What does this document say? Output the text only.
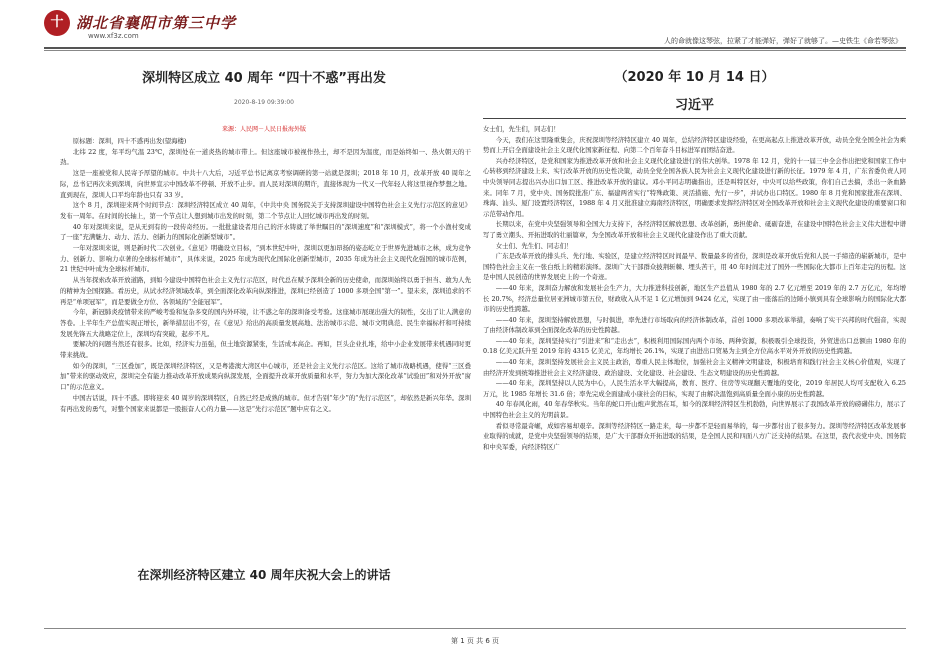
十 湖北省襄阳市第三中学
www.xf3z.com
人的命就像这琴弦，拉紧了才能弹好，弹好了就够了。—史铁生《命若琴弦》
深圳特区成立 40 周年 “四十不惑”再出发
2020-8-19 09:39:00
来源：人民网－人民日报海外版

原标题：深圳，四十不惑再出发(望海楼)

北纬 22 度，年平均气温 23℃，深圳处在一道炎热的城市带上。但这座城市被视作热土，却不是因为温度，而是始终如一、热火朝天的干劲。

这是一座被党和人民寄予厚望的城市。中共十八大后，习近平总书记离京考察调研的第一站就是深圳；2018 年 10 月，改革开放 40 周年之际，总书记再次来到深圳，向世界宣示中国改革不停顿、开放不止步。而人民对深圳的期许，直接体现为一代又一代年轻人将这里视作梦想之地。直到现在，深圳人口平均年龄也只有 33 岁。

这个 8 月，深圳迎来两个时间节点：深圳经济特区成立 40 周年，《中共中央 国务院关于支持深圳建设中国特色社会主义先行示范区的意见》发布一周年。在时间的长轴上，第一个节点让人想到城市出发的时刻，第二个节点让人回忆城市再出发的时刻。

40 年对深圳来说，是从无到有的一段传奇经历。一批批建设者用自己的汗水铸就了举世瞩目的“深圳速度”和“深圳模式”，将一个小渔村变成了一座“充满魅力、动力、活力、创新力的国际化创新型城市”。

一年对深圳来说，则是新时代二次创业。《意见》明确设立目标，“到本世纪中叶，深圳以更加昂扬的姿态屹立于世界先进城市之林，成为竞争力、创新力、影响力卓著的全球标杆城市”，具体来说，2025 年成为现代化国际化创新型城市，2035 年成为社会主义现代化强国的城市范例，21 世纪中叶成为全球标杆城市。

从当年探索改革开放道路，到如今建设中国特色社会主义先行示范区，时代总在赋予深圳全新的历史使命，而深圳始终以勇于担当、敢为人先的精神为全国探路。看历史，从试水经济领域改革，到全面深化改革向纵深推进，深圳已经创造了 1000 多项全国“第一”。望未来，深圳追求的不再是“单项冠军”，而是要做全方位、各领域的“全能冠军”。

今年，新冠肺炎疫情带来的严峻考验和复杂多变的国内外环境，让不惑之年的深圳备受考验。这座城市展现出强大的韧性，交出了让人满意的答卷。上半年生产总值实现正增长，新举措层出不穷，在《意见》给出的高质量发展高地、法治城市示范、城市文明典范、民生幸福标杆和可持续发展先锋五大战略定位上，深圳均有突破，起步不凡。

要解决的问题当然还有很多。比如，经济实力虽强，但土地资源紧张，生活成本高企。再如，巨头企业扎堆，给中小企业发展带来机遇同时更带来挑战。

如今的深圳，“三区叠加”，既是深圳经济特区，又是粤港澳大湾区中心城市，还是社会主义先行示范区。这给了城市战略机遇，使得“三区叠加”带来的驱动效应，深圳完全有能力推动改革开放成果向纵深发展，全面提升改革开放质量和水平，努力为加大深化改革“试验田”和对外开放“窗口”的示范意义。

中国古话说，四十不惑。即将迎来 40 周岁的深圳特区，自然已经是成熟的城市。但才告别“年少”的“先行示范区”，却依然是新兴年华。深圳有再出发的勇气，对整个国家来说都是一股振奋人心的力量——这是“先行示范区”题中应有之义。

在深圳经济特区建立 40 周年庆祝大会上的讲话
（2020 年 10 月 14 日）
习近平

女士们，先生们，同志们！

今天，我们在这里隆重集会，庆祝深圳等经济特区建立 40 周年，总结经济特区建设经验，在更高起点上推进改革开放，动员全党全国全社会为乘势而上开启全面建设社会主义现代化国家新征程、向第二个百年奋斗目标进军而团结奋进。

兴办经济特区，是党和国家为推进改革开放和社会主义现代化建设进行的伟大创举。1978 年 12 月，党的十一届三中全会作出把党和国家工作中心转移到经济建设上来、实行改革开放的历史性决策，动员全党全国各族人民为社会主义现代化建设进行新的长征。1979 年 4 月，广东省委负责人同中央领导同志提出兴办出口加工区、推进改革开放的建议。邓小平同志明确指出，还是叫特区好，中央可以给些政策，你们自己去搞，杀出一条血路来。同年 7 月，党中央、国务院批准广东、福建两省实行“特殊政策、灵活措施、先行一步”，并试办出口特区。1980 年 8 月党和国家批准在深圳、珠海、汕头、厦门设置经济特区，1988 年 4 月又批准建立海南经济特区，明确要求发挥经济特区对全国改革开放和社会主义现代化建设的重要窗口和示范带动作用。

长期以来，在党中央坚强领导和全国大力支持下，各经济特区解放思想、改革创新，勇担使命、砥砺奋进，在建设中国特色社会主义伟大进程中谱写了勇立潮头、开拓进取的壮丽篇章，为全国改革开放和社会主义现代化建设作出了重大贡献。

女士们、先生们、同志们！

广东是改革开放的排头兵、先行地、实验区，是建立经济特区时间最早、数量最多的省份，深圳是改革开放后党和人民一手缔造的崭新城市，是中国特色社会主义在一张白纸上的精彩演绎。深圳广大干部群众披荆斩棘、埋头苦干，用 40 年时间走过了国外一些国际化大都市上百年走完的历程。这是中国人民创造的世界发展史上的一个奇迹。

——40 年来，深圳奋力解放和发展社会生产力，大力推进科技创新，地区生产总值从 1980 年的 2.7 亿元增至 2019 年的 2.7 万亿元，年均增长 20.7%，经济总量位居亚洲城市第五位，财政收入从不足 1 亿元增加到 9424 亿元，实现了由一座落后的边陲小镇到具有全球影响力的国际化大都市的历史性跨越。

——40 年来，深圳坚持解放思想，与时俱进，率先进行市场取向的经济体制改革，首创 1000 多项改革举措，奏响了实干兴邦的时代强音，实现了由经济体制改革到全面深化改革的历史性跨越。

——40 年来，深圳坚持实行“引进来”和“走出去”，积极利用国际国内两个市场、两种资源，积极吸引全球投资，外贸进出口总额由 1980 年的 0.18 亿美元跃升至 2019 年的 4315 亿美元，年均增长 26.1%，实现了由进出口贸易为主到全方位高水平对外开放的历史性跨越。

——40 年来，深圳坚持发展社会主义民主政治，尊重人民主体地位，加强社会主义精神文明建设，积极培育和践行社会主义核心价值观，实现了由经济开发到统筹推进社会主义经济建设、政治建设、文化建设、社会建设、生态文明建设的历史性跨越。

——40 年来，深圳坚持以人民为中心，人民生活水平大幅提高，教育、医疗、住房等实现翻天覆地的变化，2019 年居民人均可支配收入 6.25 万元，比 1985 年增长 31.6 倍；率先完成全面建成小康社会的目标，实现了由解决温饱到高质量全面小康的历史性跨越。

40 年春风化雨，40 年春华秋实。当年的蛇口开山炮声犹然在耳，如今的深圳经济特区生机勃勃，向世界展示了我国改革开放的磅礴伟力，展示了中国特色社会主义的光明前景。

看似寻常最奇崛，成如容易却艰辛。深圳等经济特区一路走来，每一步都不是轻而易举的，每一步都付出了很多努力。深圳等经济特区改革发展事业取得的成就，是党中央坚强领导的结果，是广大干部群众开拓进取的结果，是全国人民和四面八方广泛支持的结果。在这里，我代表党中央、国务院和中央军委，向经济特区广

第 1 页 共 6 页
